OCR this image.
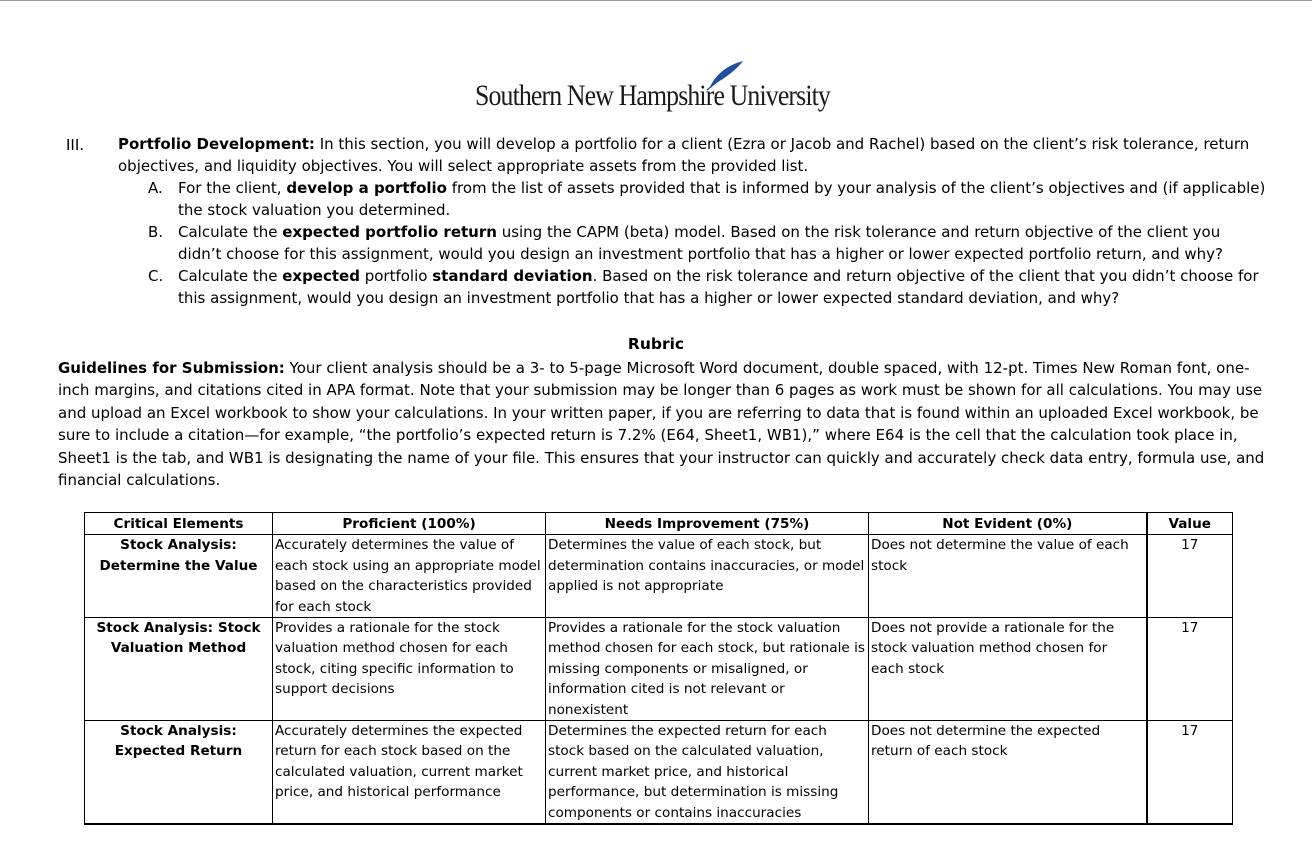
Southern New Hampshire University
III. Portfolio Development: In this section, you will develop a portfolio for a client (Ezra or Jacob and Rachel) based on the client’s risk tolerance, return objectives, and liquidity objectives. You will select appropriate assets from the provided list.
A. For the client, develop a portfolio from the list of assets provided that is informed by your analysis of the client’s objectives and (if applicable) the stock valuation you determined.
B. Calculate the expected portfolio return using the CAPM (beta) model. Based on the risk tolerance and return objective of the client you didn’t choose for this assignment, would you design an investment portfolio that has a higher or lower expected portfolio return, and why?
C. Calculate the expected portfolio standard deviation. Based on the risk tolerance and return objective of the client that you didn’t choose for this assignment, would you design an investment portfolio that has a higher or lower expected standard deviation, and why?
Rubric
Guidelines for Submission: Your client analysis should be a 3- to 5-page Microsoft Word document, double spaced, with 12-pt. Times New Roman font, one-inch margins, and citations cited in APA format. Note that your submission may be longer than 6 pages as work must be shown for all calculations. You may use and upload an Excel workbook to show your calculations. In your written paper, if you are referring to data that is found within an uploaded Excel workbook, be sure to include a citation—for example, “the portfolio’s expected return is 7.2% (E64, Sheet1, WB1),” where E64 is the cell that the calculation took place in, Sheet1 is the tab, and WB1 is designating the name of your file. This ensures that your instructor can quickly and accurately check data entry, formula use, and financial calculations.
Critical Elements	Proficient (100%)	Needs Improvement (75%)	Not Evident (0%)	Value
Stock Analysis: Determine the Value	Accurately determines the value of each stock using an appropriate model based on the characteristics provided for each stock	Determines the value of each stock, but determination contains inaccuracies, or model applied is not appropriate	Does not determine the value of each stock	17
Stock Analysis: Stock Valuation Method	Provides a rationale for the stock valuation method chosen for each stock, citing specific information to support decisions	Provides a rationale for the stock valuation method chosen for each stock, but rationale is missing components or misaligned, or information cited is not relevant or nonexistent	Does not provide a rationale for the stock valuation method chosen for each stock	17
Stock Analysis: Expected Return	Accurately determines the expected return for each stock based on the calculated valuation, current market price, and historical performance	Determines the expected return for each stock based on the calculated valuation, current market price, and historical performance, but determination is missing components or contains inaccuracies	Does not determine the expected return of each stock	17
